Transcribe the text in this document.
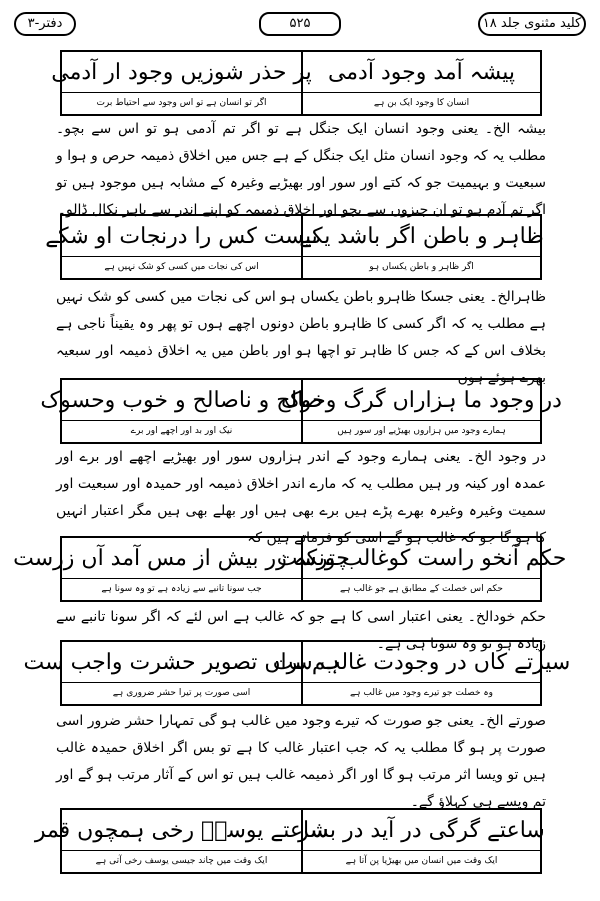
دفتر-۳	۵۲۵	کلید مثنوی جلد ۱۸
پیشہ آمد وجود آدمی
پر حذر شوزیں وجود ار آدمی
انسان کا وجود ایک بن ہے
اگر تو انسان ہے تو اس وجود سے احتیاط برت
بیشہ الخ۔ یعنی وجود انسان ایک جنگل ہے تو اگر تم آدمی ہو تو اس سے بچو۔ مطلب یہ کہ وجود انسان مثل ایک جنگل کے ہے جس میں اخلاق ذمیمہ حرص و ہوا و سبعیت و بہیمیت جو کہ کتے اور سور اور بھیڑیے وغیرہ کے مشابہ ہیں موجود ہیں تو اگر تم آدم ہو تو ان چیزوں سے بچو اور اخلاق ذمیمہ کو اپنے اندر سے باہر نکال ڈالو۔
ظاہر و باطن اگر باشد یکے
نیست کس را درنجات او شکے
اگر ظاہر و باطن یکساں ہو
اس کی نجات میں کسی کو شک نہیں ہے
ظاہرالخ۔ یعنی جسکا ظاہرو باطن یکساں ہو اس کی نجات میں کسی کو شک نہیں ہے مطلب یہ کہ اگر کسی کا ظاہرو باطن دونوں اچھے ہوں تو پھر وہ یقیناً ناجی ہے بخلاف اس کے کہ جس کا ظاہر تو اچھا ہو اور باطن میں یہ اخلاق ذمیمہ اور سبعیہ بھرے ہوئے ہوں
در وجود ما ہزاراں گرگ وخوک
صالح و ناصالح و خوب وحسوک
ہمارے وجود میں ہزاروں بھیڑیے اور سور ہیں
نیک اور بد اور اچھے اور برے
در وجود الخ۔ یعنی ہمارے وجود کے اندر ہزاروں سور اور بھیڑیے اچھے اور برے اور عمدہ اور کینہ ور ہیں مطلب یہ کہ مارے اندر اخلاق ذمیمہ اور حمیدہ اور سبعیت اور سمیت وغیرہ وغیرہ بھرے پڑے ہیں برے بھی ہیں اور بھلے بھی ہیں مگر اعتبار انہیں کا ہو گا جو کہ غالب ہو گے اسی کو فرماتے ہیں کہ
حکم آنخو راست کوغالب ترست
چونکہ زر بیش از مس آمد آں زرست
حکم اس خصلت کے مطابق ہے جو غالب ہے
جب سونا تانبے سے زیادہ ہے تو وہ سونا ہے
حکم خودالخ۔ یعنی اعتبار اسی کا ہے جو کہ غالب ہے اس لئے کہ اگر سونا تانبے سے زیادہ ہو تو وہ سونا ہی ہے۔
سیرتے کاں در وجودت غالب ست
ہم براں تصویر حشرت واجب ست
وہ خصلت جو تیرے وجود میں غالب ہے
اسی صورت پر تیرا حشر ضروری ہے
صورتے الخ۔ یعنی جو صورت کہ تیرے وجود میں غالب ہو گی تمہارا حشر ضرور اسی صورت پر ہو گا مطلب یہ کہ جب اعتبار غالب کا ہے تو بس اگر اخلاق حمیدہ غالب ہیں تو ویسا اثر مرتب ہو گا اور اگر ذمیمہ غالب ہیں تو اس کے آثار مرتب ہو گے اور تم ویسے ہی کہلاؤ گے۔
ساعتے گرگی در آید در بشر
ساعتے یوسفؑ رخی ہمچوں قمر
ایک وقت میں انسان میں بھیڑیا پن آتا ہے
ایک وقت میں چاند جیسی یوسف رخی آتی ہے
